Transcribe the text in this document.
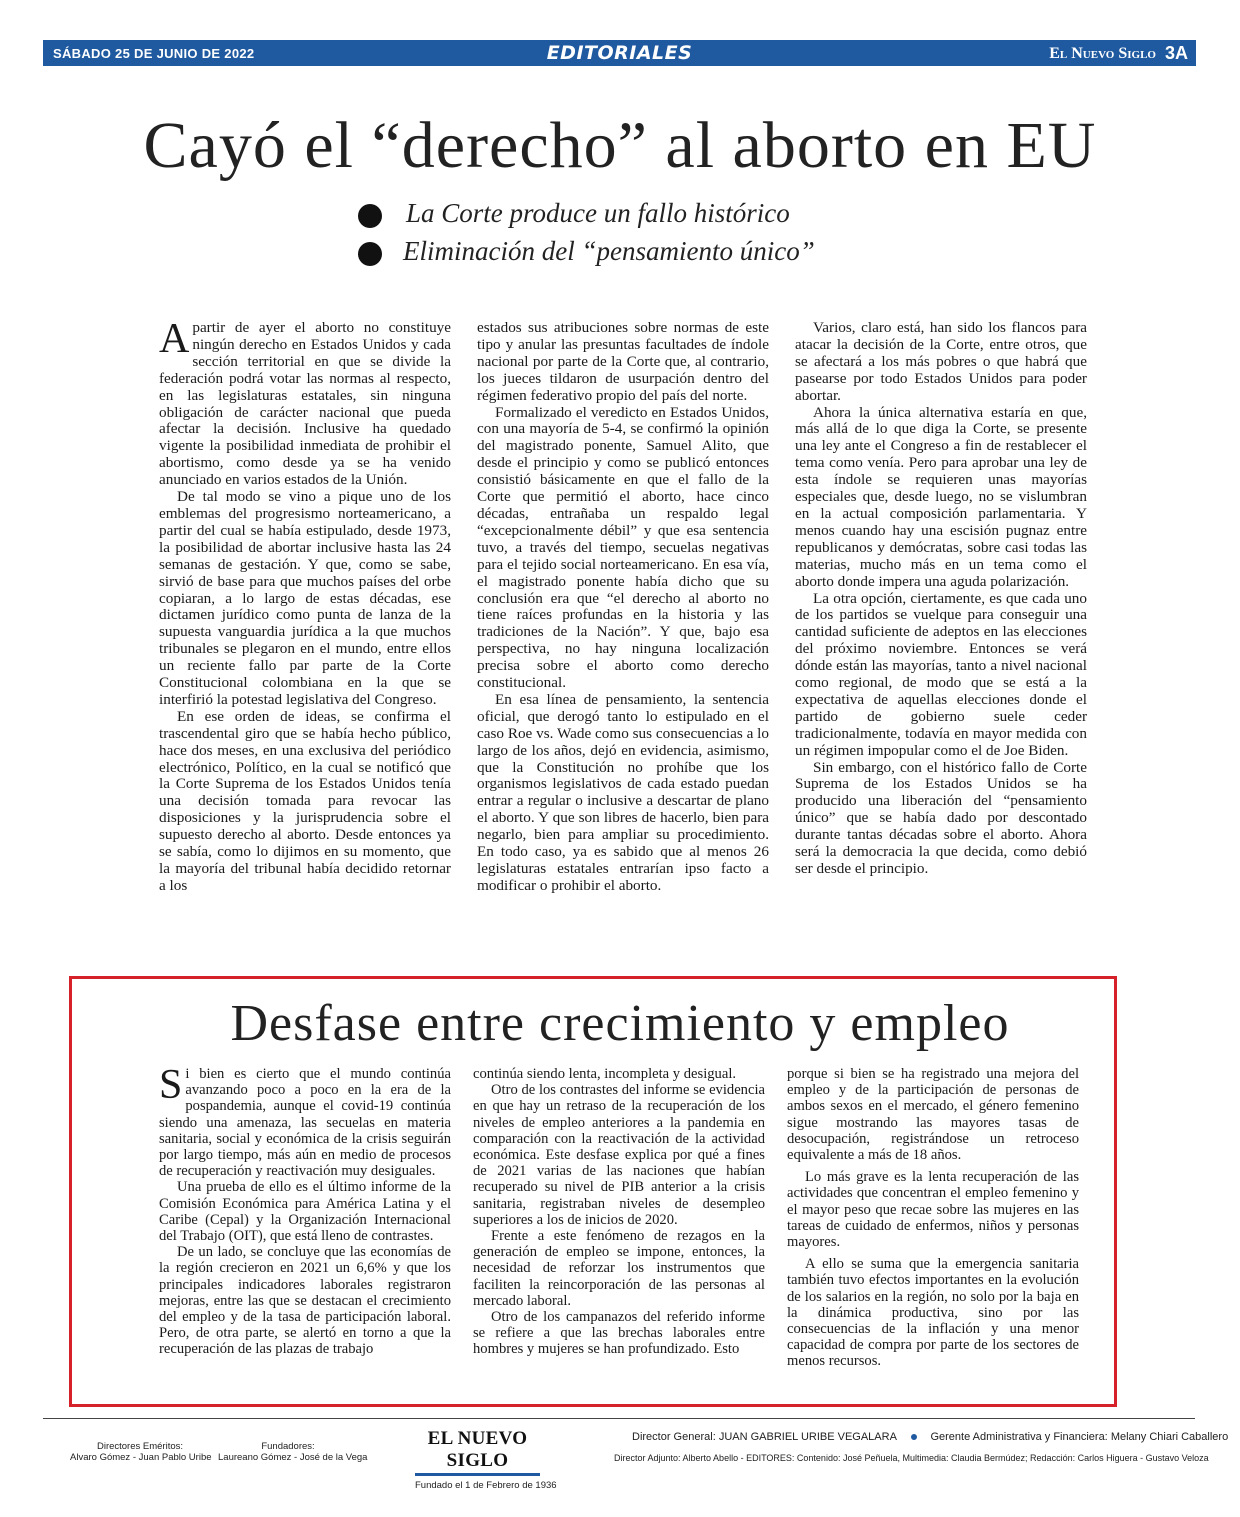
SÁBADO 25 DE JUNIO DE 2022	EDITORIALES	El Nuevo Siglo 3A
Cayó el “derecho” al aborto en EU
La Corte produce un fallo histórico
Eliminación del “pensamiento único”

Apartir de ayer el aborto no constituye ningún derecho en Estados Unidos y cada sección territorial en que se divide la federación podrá votar las normas al respecto, en las legislaturas estatales, sin ninguna obligación de carácter nacional que pueda afectar la decisión. Inclusive ha quedado vigente la posibilidad inmediata de prohibir el abortismo, como desde ya se ha venido anunciado en varios estados de la Unión.

De tal modo se vino a pique uno de los emblemas del progresismo norteamericano, a partir del cual se había estipulado, desde 1973, la posibilidad de abortar inclusive hasta las 24 semanas de gestación. Y que, como se sabe, sirvió de base para que muchos países del orbe copiaran, a lo largo de estas décadas, ese dictamen jurídico como punta de lanza de la supuesta vanguardia jurídica a la que muchos tribunales se plegaron en el mundo, entre ellos un reciente fallo par parte de la Corte Constitucional colombiana en la que se interfirió la potestad legislativa del Congreso.

En ese orden de ideas, se confirma el trascendental giro que se había hecho público, hace dos meses, en una exclusiva del periódico electrónico, Político, en la cual se notificó que la Corte Suprema de los Estados Unidos tenía una decisión tomada para revocar las disposiciones y la jurisprudencia sobre el supuesto derecho al aborto. Desde entonces ya se sabía, como lo dijimos en su momento, que la mayoría del tribunal había decidido retornar a los

estados sus atribuciones sobre normas de este tipo y anular las presuntas facultades de índole nacional por parte de la Corte que, al contrario, los jueces tildaron de usurpación dentro del régimen federativo propio del país del norte.

Formalizado el veredicto en Estados Unidos, con una mayoría de 5-4, se confirmó la opinión del magistrado ponente, Samuel Alito, que desde el principio y como se publicó entonces consistió básicamente en que el fallo de la Corte que permitió el aborto, hace cinco décadas, entrañaba un respaldo legal “excepcionalmente débil” y que esa sentencia tuvo, a través del tiempo, secuelas negativas para el tejido social norteamericano. En esa vía, el magistrado ponente había dicho que su conclusión era que “el derecho al aborto no tiene raíces profundas en la historia y las tradiciones de la Nación”. Y que, bajo esa perspectiva, no hay ninguna localización precisa sobre el aborto como derecho constitucional.

En esa línea de pensamiento, la sentencia oficial, que derogó tanto lo estipulado en el caso Roe vs. Wade como sus consecuencias a lo largo de los años, dejó en evidencia, asimismo, que la Constitución no prohíbe que los organismos legislativos de cada estado puedan entrar a regular o inclusive a descartar de plano el aborto. Y que son libres de hacerlo, bien para negarlo, bien para ampliar su procedimiento. En todo caso, ya es sabido que al menos 26 legislaturas estatales entrarían ipso facto a modificar o prohibir el aborto.

Varios, claro está, han sido los flancos para atacar la decisión de la Corte, entre otros, que se afectará a los más pobres o que habrá que pasearse por todo Estados Unidos para poder abortar.

Ahora la única alternativa estaría en que, más allá de lo que diga la Corte, se presente una ley ante el Congreso a fin de restablecer el tema como venía. Pero para aprobar una ley de esta índole se requieren unas mayorías especiales que, desde luego, no se vislumbran en la actual composición parlamentaria. Y menos cuando hay una escisión pugnaz entre republicanos y demócratas, sobre casi todas las materias, mucho más en un tema como el aborto donde impera una aguda polarización.

La otra opción, ciertamente, es que cada uno de los partidos se vuelque para conseguir una cantidad suficiente de adeptos en las elecciones del próximo noviembre. Entonces se verá dónde están las mayorías, tanto a nivel nacional como regional, de modo que se está a la expectativa de aquellas elecciones donde el partido de gobierno suele ceder tradicionalmente, todavía en mayor medida con un régimen impopular como el de Joe Biden.

Sin embargo, con el histórico fallo de Corte Suprema de los Estados Unidos se ha producido una liberación del “pensamiento único” que se había dado por descontado durante tantas décadas sobre el aborto. Ahora será la democracia la que decida, como debió ser desde el principio.

Desfase entre crecimiento y empleo

Si bien es cierto que el mundo continúa avanzando poco a poco en la era de la pospandemia, aunque el covid-19 continúa siendo una amenaza, las secuelas en materia sanitaria, social y económica de la crisis seguirán por largo tiempo, más aún en medio de procesos de recuperación y reactivación muy desiguales.

Una prueba de ello es el último informe de la Comisión Económica para América Latina y el Caribe (Cepal) y la Organización Internacional del Trabajo (OIT), que está lleno de contrastes.

De un lado, se concluye que las economías de la región crecieron en 2021 un 6,6% y que los principales indicadores laborales registraron mejoras, entre las que se destacan el crecimiento del empleo y de la tasa de participación laboral. Pero, de otra parte, se alertó en torno a que la recuperación de las plazas de trabajo

continúa siendo lenta, incompleta y desigual.

Otro de los contrastes del informe se evidencia en que hay un retraso de la recuperación de los niveles de empleo anteriores a la pandemia en comparación con la reactivación de la actividad económica. Este desfase explica por qué a fines de 2021 varias de las naciones que habían recuperado su nivel de PIB anterior a la crisis sanitaria, registraban niveles de desempleo superiores a los de inicios de 2020.

Frente a este fenómeno de rezagos en la generación de empleo se impone, entonces, la necesidad de reforzar los instrumentos que faciliten la reincorporación de las personas al mercado laboral.

Otro de los campanazos del referido informe se refiere a que las brechas laborales entre hombres y mujeres se han profundizado. Esto

porque si bien se ha registrado una mejora del empleo y de la participación de personas de ambos sexos en el mercado, el género femenino sigue mostrando las mayores tasas de desocupación, registrándose un retroceso equivalente a más de 18 años.

Lo más grave es la lenta recuperación de las actividades que concentran el empleo femenino y el mayor peso que recae sobre las mujeres en las tareas de cuidado de enfermos, niños y personas mayores.

A ello se suma que la emergencia sanitaria también tuvo efectos importantes en la evolución de los salarios en la región, no solo por la baja en la dinámica productiva, sino por las consecuencias de la inflación y una menor capacidad de compra por parte de los sectores de menos recursos.

Directores Eméritos:
Alvaro Gómez - Juan Pablo Uribe
Fundadores:
Laureano Gómez - José de la Vega
EL NUEVO SIGLO
Fundado el 1 de Febrero de 1936
Director General: JUAN GABRIEL URIBE VEGALARA	Gerente Administrativa y Financiera: Melany Chiari Caballero
Director Adjunto: Alberto Abello - EDITORES: Contenido: José Peñuela, Multimedia: Claudia Bermúdez; Redacción: Carlos Higuera - Gustavo Veloza
